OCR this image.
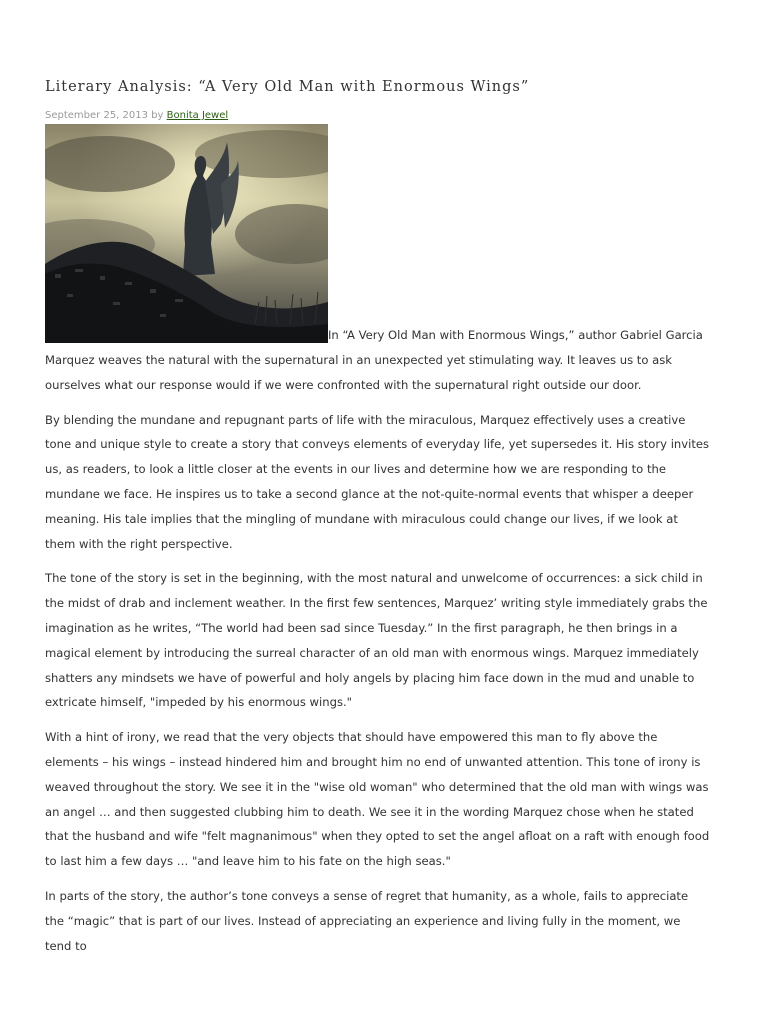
Literary Analysis: “A Very Old Man with Enormous Wings”
September 25, 2013 by Bonita Jewel

In “A Very Old Man with Enormous Wings,” author Gabriel Garcia Marquez weaves the natural with the supernatural in an unexpected yet stimulating way. It leaves us to ask ourselves what our response would if we were confronted with the supernatural right outside our door.

By blending the mundane and repugnant parts of life with the miraculous, Marquez effectively uses a creative tone and unique style to create a story that conveys elements of everyday life, yet supersedes it. His story invites us, as readers, to look a little closer at the events in our lives and determine how we are responding to the mundane we face. He inspires us to take a second glance at the not-quite-normal events that whisper a deeper meaning. His tale implies that the mingling of mundane with miraculous could change our lives, if we look at them with the right perspective.

The tone of the story is set in the beginning, with the most natural and unwelcome of occurrences: a sick child in the midst of drab and inclement weather. In the first few sentences, Marquez’ writing style immediately grabs the imagination as he writes, “The world had been sad since Tuesday.” In the first paragraph, he then brings in a magical element by introducing the surreal character of an old man with enormous wings. Marquez immediately shatters any mindsets we have of powerful and holy angels by placing him face down in the mud and unable to extricate himself, "impeded by his enormous wings."

With a hint of irony, we read that the very objects that should have empowered this man to fly above the elements – his wings – instead hindered him and brought him no end of unwanted attention. This tone of irony is weaved throughout the story. We see it in the "wise old woman" who determined that the old man with wings was an angel … and then suggested clubbing him to death. We see it in the wording Marquez chose when he stated that the husband and wife "felt magnanimous" when they opted to set the angel afloat on a raft with enough food to last him a few days … "and leave him to his fate on the high seas."

In parts of the story, the author’s tone conveys a sense of regret that humanity, as a whole, fails to appreciate the “magic” that is part of our lives. Instead of appreciating an experience and living fully in the moment, we tend to
